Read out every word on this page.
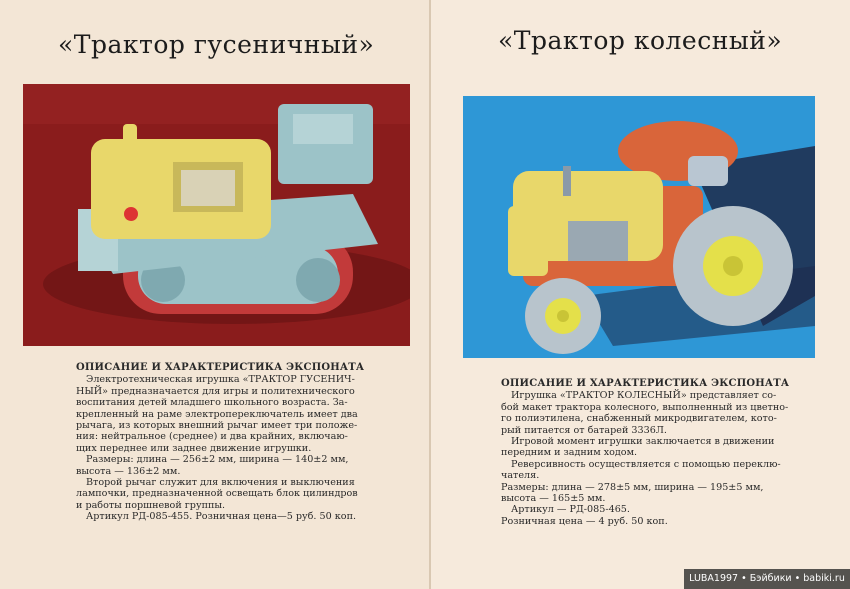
«Трактор гусеничный»
ОПИСАНИЕ И ХАРАКТЕРИСТИКА ЭКСПОНАТА
Электротехническая игрушка «ТРАКТОР ГУСЕНИЧ-
НЫЙ» предназначается для игры и политехнического
воспитания детей младшего школьного возраста. За-
крепленный на раме электропереключатель имеет два
рычага, из которых внешний рычаг имеет три положе-
ния: нейтральное (среднее) и два крайних, включаю-
щих переднее или заднее движение игрушки.
Размеры: длина — 256±2 мм, ширина — 140±2 мм,
высота — 136±2 мм.
Второй рычаг служит для включения и выключения
лампочки, предназначенной освещать блок цилиндров
и работы поршневой группы.
Артикул РД-085-455. Розничная цена—5 руб. 50 коп.
«Трактор колесный»
ОПИСАНИЕ И ХАРАКТЕРИСТИКА ЭКСПОНАТА
Игрушка «ТРАКТОР КОЛЕСНЫЙ» представляет со-
бой макет трактора колесного, выполненный из цветно-
го полиэтилена, снабженный микродвигателем, кото-
рый питается от батарей 3336Л.
Игровой момент игрушки заключается в движении
передним и задним ходом.
Реверсивность осуществляется с помощью переклю-
чателя.
Размеры: длина — 278±5 мм, ширина — 195±5 мм,
высота — 165±5 мм.
Артикул — РД-085-465.
Розничная цена — 4 руб. 50 коп.
LUBA1997 • Бэйбики • babiki.ru
